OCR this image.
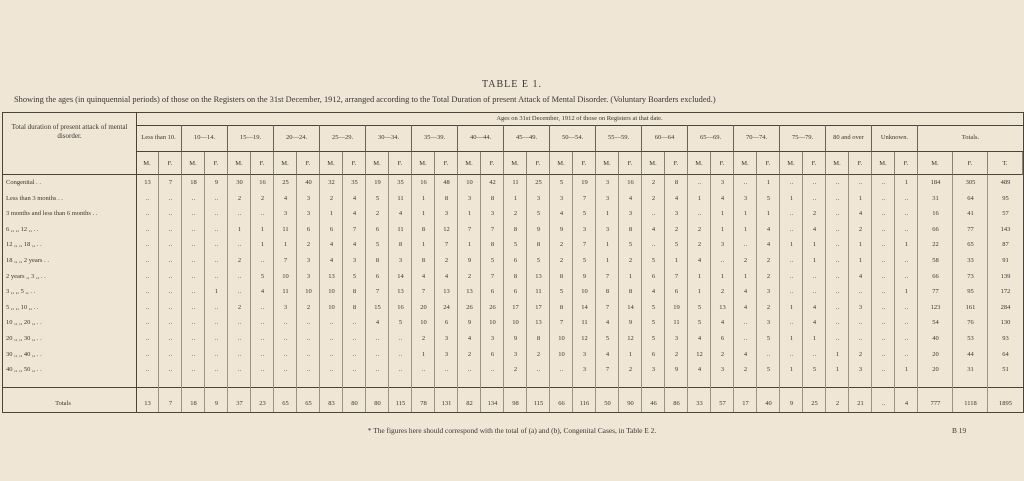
TABLE E 1.
Showing the ages (in quinquennial periods) of those on the Registers on the 31st December, 1912, arranged according to the Total Duration of present Attack of Mental Disorder. (Voluntary Boarders excluded.)
Total duration of present attack of mental disorder.
Ages on 31st December, 1912 of those on Registers at that date.
Less than 10.	10—14.	15—19.	20—24.	25—29.	30—34.	35—39.	40—44.	45—49.	50—54.	55—59.	60—64	65—69.	70—74.	75—79.	80 and over	Unknown.	Totals.
M.	F.	M.	F.	M.	F.	M.	F.	M.	F.	M.	F.	M.	F.	M.	F.	M.	F.	M.	F.	M.	F.	M.	F.	M.	F.	M.	F.	M.	F.	M.	F.	M.	F.	M.	F.	T.
Congenital . .	13	7	18	9	30	16	25	40	32	35	19	35	16	48	10	42	11	25	5	19	3	16	2	8	..	3	..	1	..	..	..	..	..	1	184	305	489
Less than 3 months . .	..	..	..	..	2	2	4	3	2	4	5	11	1	8	3	8	1	3	3	7	3	4	2	4	1	4	3	5	1	..	..	1	..	..	31	64	95
3 months and less than 6 months . .	..	..	..	..	..	..	3	3	1	4	2	4	1	3	1	3	2	5	4	5	1	3	..	3	..	1	1	1	..	2	..	4	..	..	16	41	57
6 ,, ,, 12 ,, . .	..	..	..	..	1	1	11	6	6	7	6	11	8	12	7	7	8	9	9	3	3	8	4	2	2	1	1	4	..	4	..	2	..	..	66	77	143
12 ,, ,, 18 ,, . .	..	..	..	..	..	1	1	2	4	4	5	8	1	7	1	8	5	8	2	7	1	5	..	5	2	3	..	4	1	1	..	1	..	1	22	65	87
18 ,, ,, 2 years . .	..	..	..	..	2	..	7	3	4	3	8	3	8	2	9	5	6	5	2	5	1	2	5	1	4	..	2	2	..	1	..	1	..	..	58	33	91
2 years ,, 3 ,, . .	..	..	..	..	..	5	10	3	13	5	6	14	4	4	2	7	8	13	8	9	7	1	6	7	1	1	1	2	..	..	..	4	..	..	66	73	139
3 ,, ,, 5 ,, . .	..	..	..	1	..	4	11	10	10	8	7	13	7	13	13	6	6	11	5	10	8	8	4	6	1	2	4	3	..	..	..	..	..	1	77	95	172
5 ,, ,, 10 ,, . .	..	..	..	..	2	..	3	2	10	8	15	16	20	24	26	26	17	17	8	14	7	14	5	19	5	13	4	2	1	4	..	3	..	..	123	161	284
10 ,, ,, 20 ,, . .	..	..	..	..	..	..	..	..	..	..	4	5	10	6	9	10	10	13	7	11	4	9	5	11	5	4	..	3	..	4	..	..	..	..	54	76	130
20 ,, ,, 30 ,, . .	..	..	..	..	..	..	..	..	..	..	..	..	2	3	4	3	9	8	10	12	5	12	5	3	4	6	..	5	1	1	..	..	..	..	40	53	93
30 ,, ,, 40 ,, . .	..	..	..	..	..	..	..	..	..	..	..	..	1	3	2	6	3	2	10	3	4	1	6	2	12	2	4	..	..	..	1	2	..	..	20	44	64
40 ,, ,, 50 ,, . .	..	..	..	..	..	..	..	..	..	..	..	..	..	..	..	..	2	..	..	3	7	2	3	9	4	3	2	5	1	5	1	3	..	1	20	31	51
Totals	13	7	18	9	37	23	65	65	83	80	80	115	78	131	82	134	98	115	66	116	50	90	46	86	33	57	17	40	9	25	2	21	..	4	777	1118	1895
* The figures here should correspond with the total of (a) and (b), Congenital Cases, in Table E 2.	B 19
